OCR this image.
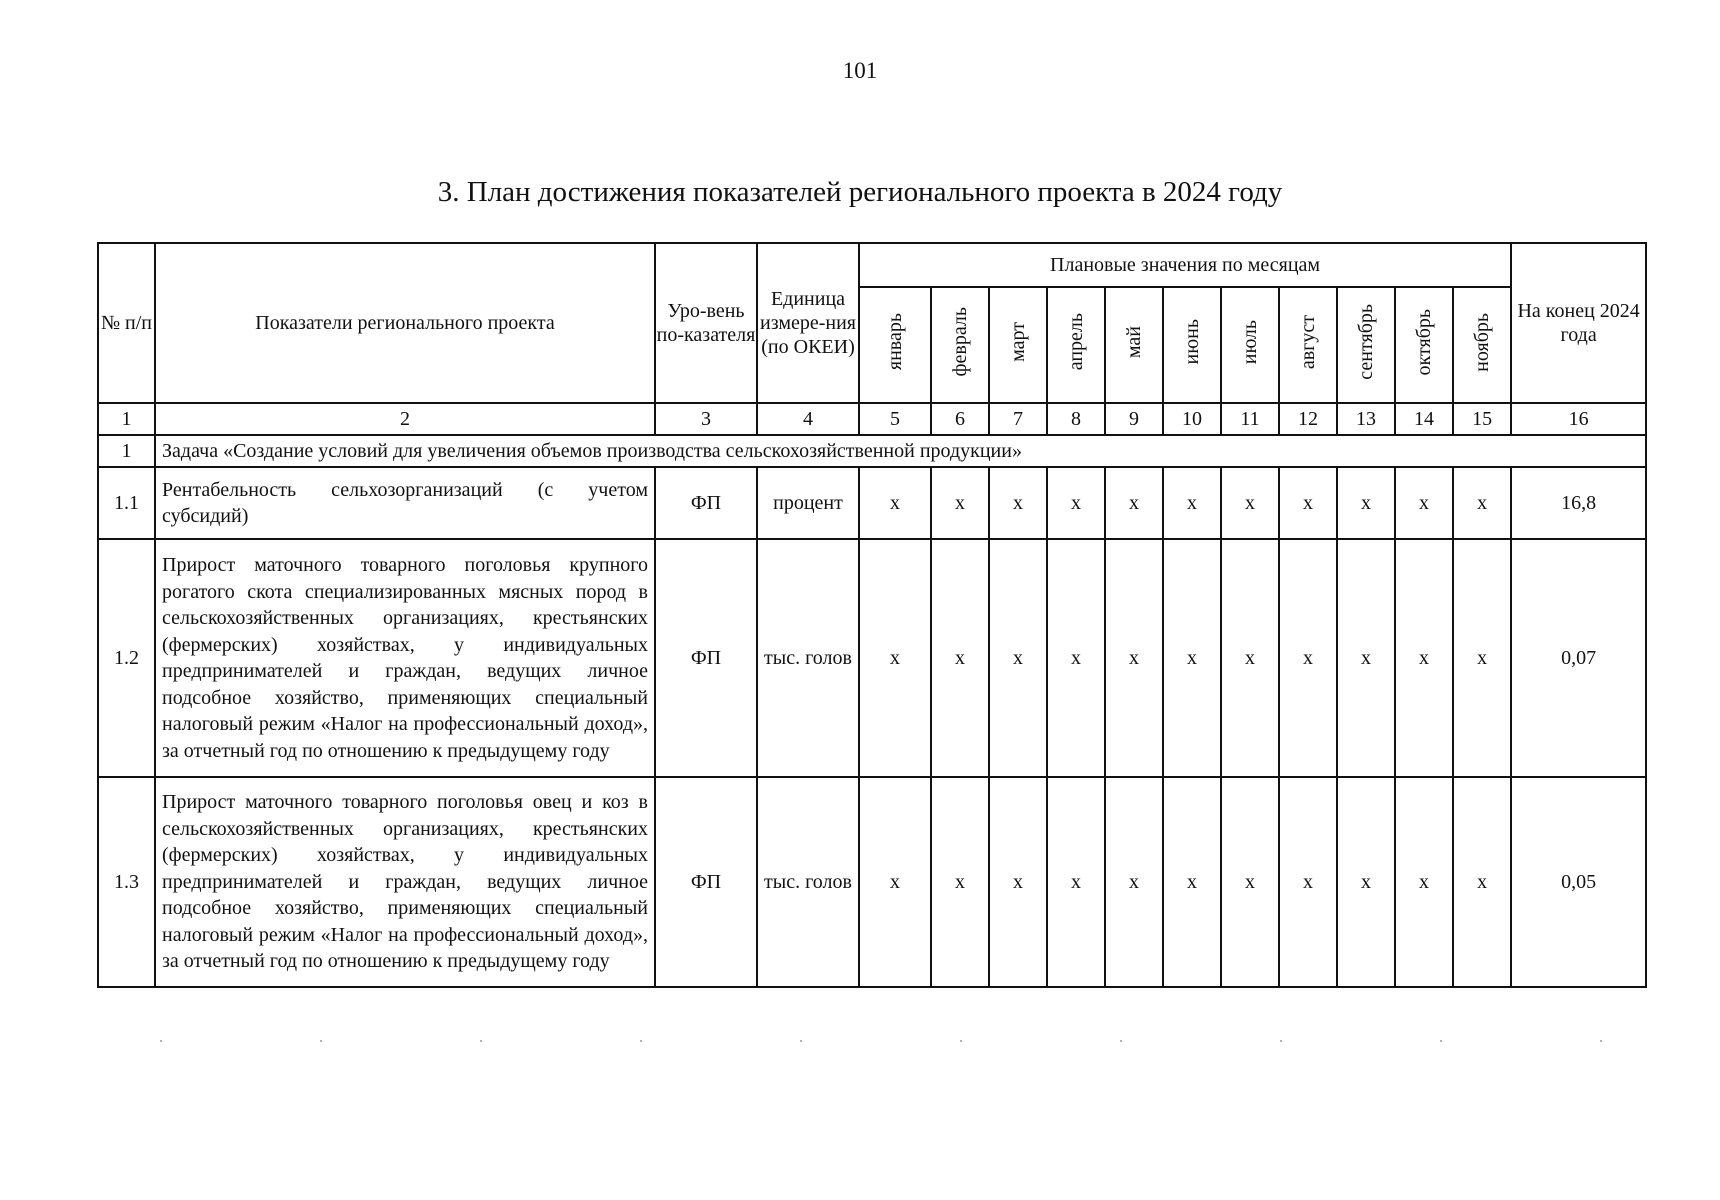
101
3. План достижения показателей регионального проекта в 2024 году
№ п/п	Показатели регионального проекта	Уро-вень по-казателя	Единица измере-ния (по ОКЕИ)	Плановые значения по месяцам											На конец 2024 года
				январь	февраль	март	апрель	май	июнь	июль	август	сентябрь	октябрь	ноябрь	
1	2	3	4	5	6	7	8	9	10	11	12	13	14	15	16
1	Задача «Создание условий для увеличения объемов производства сельскохозяйственной продукции»														
1.1	Рентабельность сельхозорганизаций (с учетом субсидий)	ФП	процент	х	х	х	х	х	х	х	х	х	х	х	16,8
1.2	Прирост маточного товарного поголовья крупного рогатого скота специализированных мясных пород в сельскохозяйственных организациях, крестьянских (фермерских) хозяйствах, у индивидуальных предпринимателей и граждан, ведущих личное подсобное хозяйство, применяющих специальный налоговый режим «Налог на профессиональный доход», за отчетный год по отношению к предыдущему году	ФП	тыс. голов	х	х	х	х	х	х	х	х	х	х	х	0,07
1.3	Прирост маточного товарного поголовья овец и коз в сельскохозяйственных организациях, крестьянских (фермерских) хозяйствах, у индивидуальных предпринимателей и граждан, ведущих личное подсобное хозяйство, применяющих специальный налоговый режим «Налог на профессиональный доход», за отчетный год по отношению к предыдущему году	ФП	тыс. голов	х	х	х	х	х	х	х	х	х	х	х	0,05
